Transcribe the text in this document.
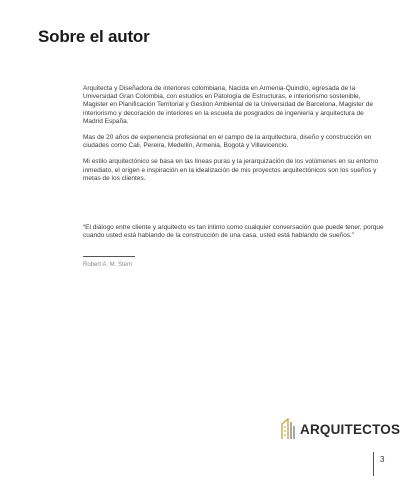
Sobre el autor

Arquitecta y Diseñadora de interiores colombiana, Nacida en Armenia-Quindío, egresada de la Universidad Gran Colombia, con estudios en Patología de Estructuras, e interiorismo sostenible, Magister en Planificación Territorial y Gestión Ambiental de la Universidad de Barcelona, Magister de interiorismo y decoración de interiores en la escuela de posgrados de ingeniería y arquitectura de Madrid España.

Mas de 20 años de experiencia profesional en el campo de la arquitectura, diseño y construcción en ciudades como Cali, Pereira, Medellín, Armenia, Bogotá y Villavicencio.

Mi estilo arquitectónico se basa en las líneas puras y la jerarquización de los volúmenes en su entorno inmediato, el origen e inspiración en la idealización de mis proyectos arquitectónicos son los sueños y metas de los clientes.

“El diálogo entre cliente y arquitecto es tan intimo como cualquier conversación que puede tener, porque cuando usted está hablando de la construcción de una casa, usted está hablando de sueños.”

Robert A. M. Stern
ARQUITECTOS
3
